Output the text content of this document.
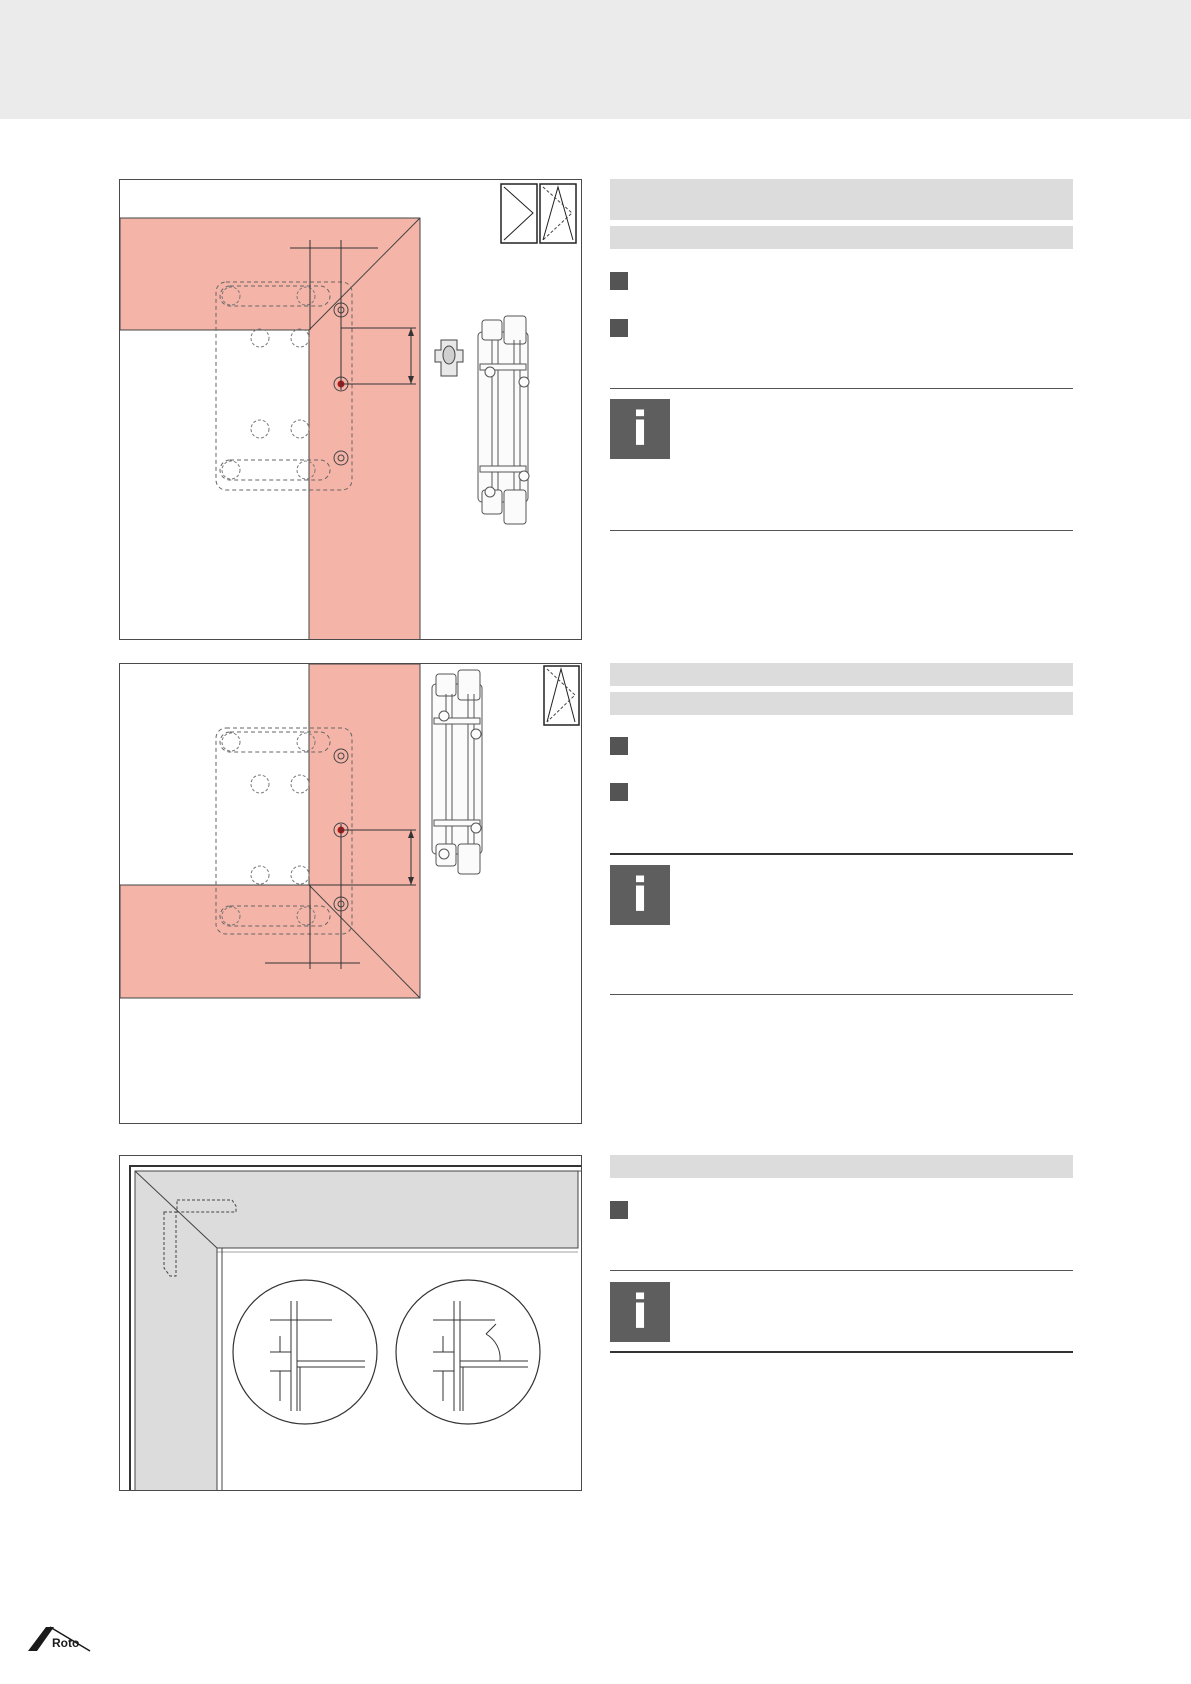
i
i
i
Roto
